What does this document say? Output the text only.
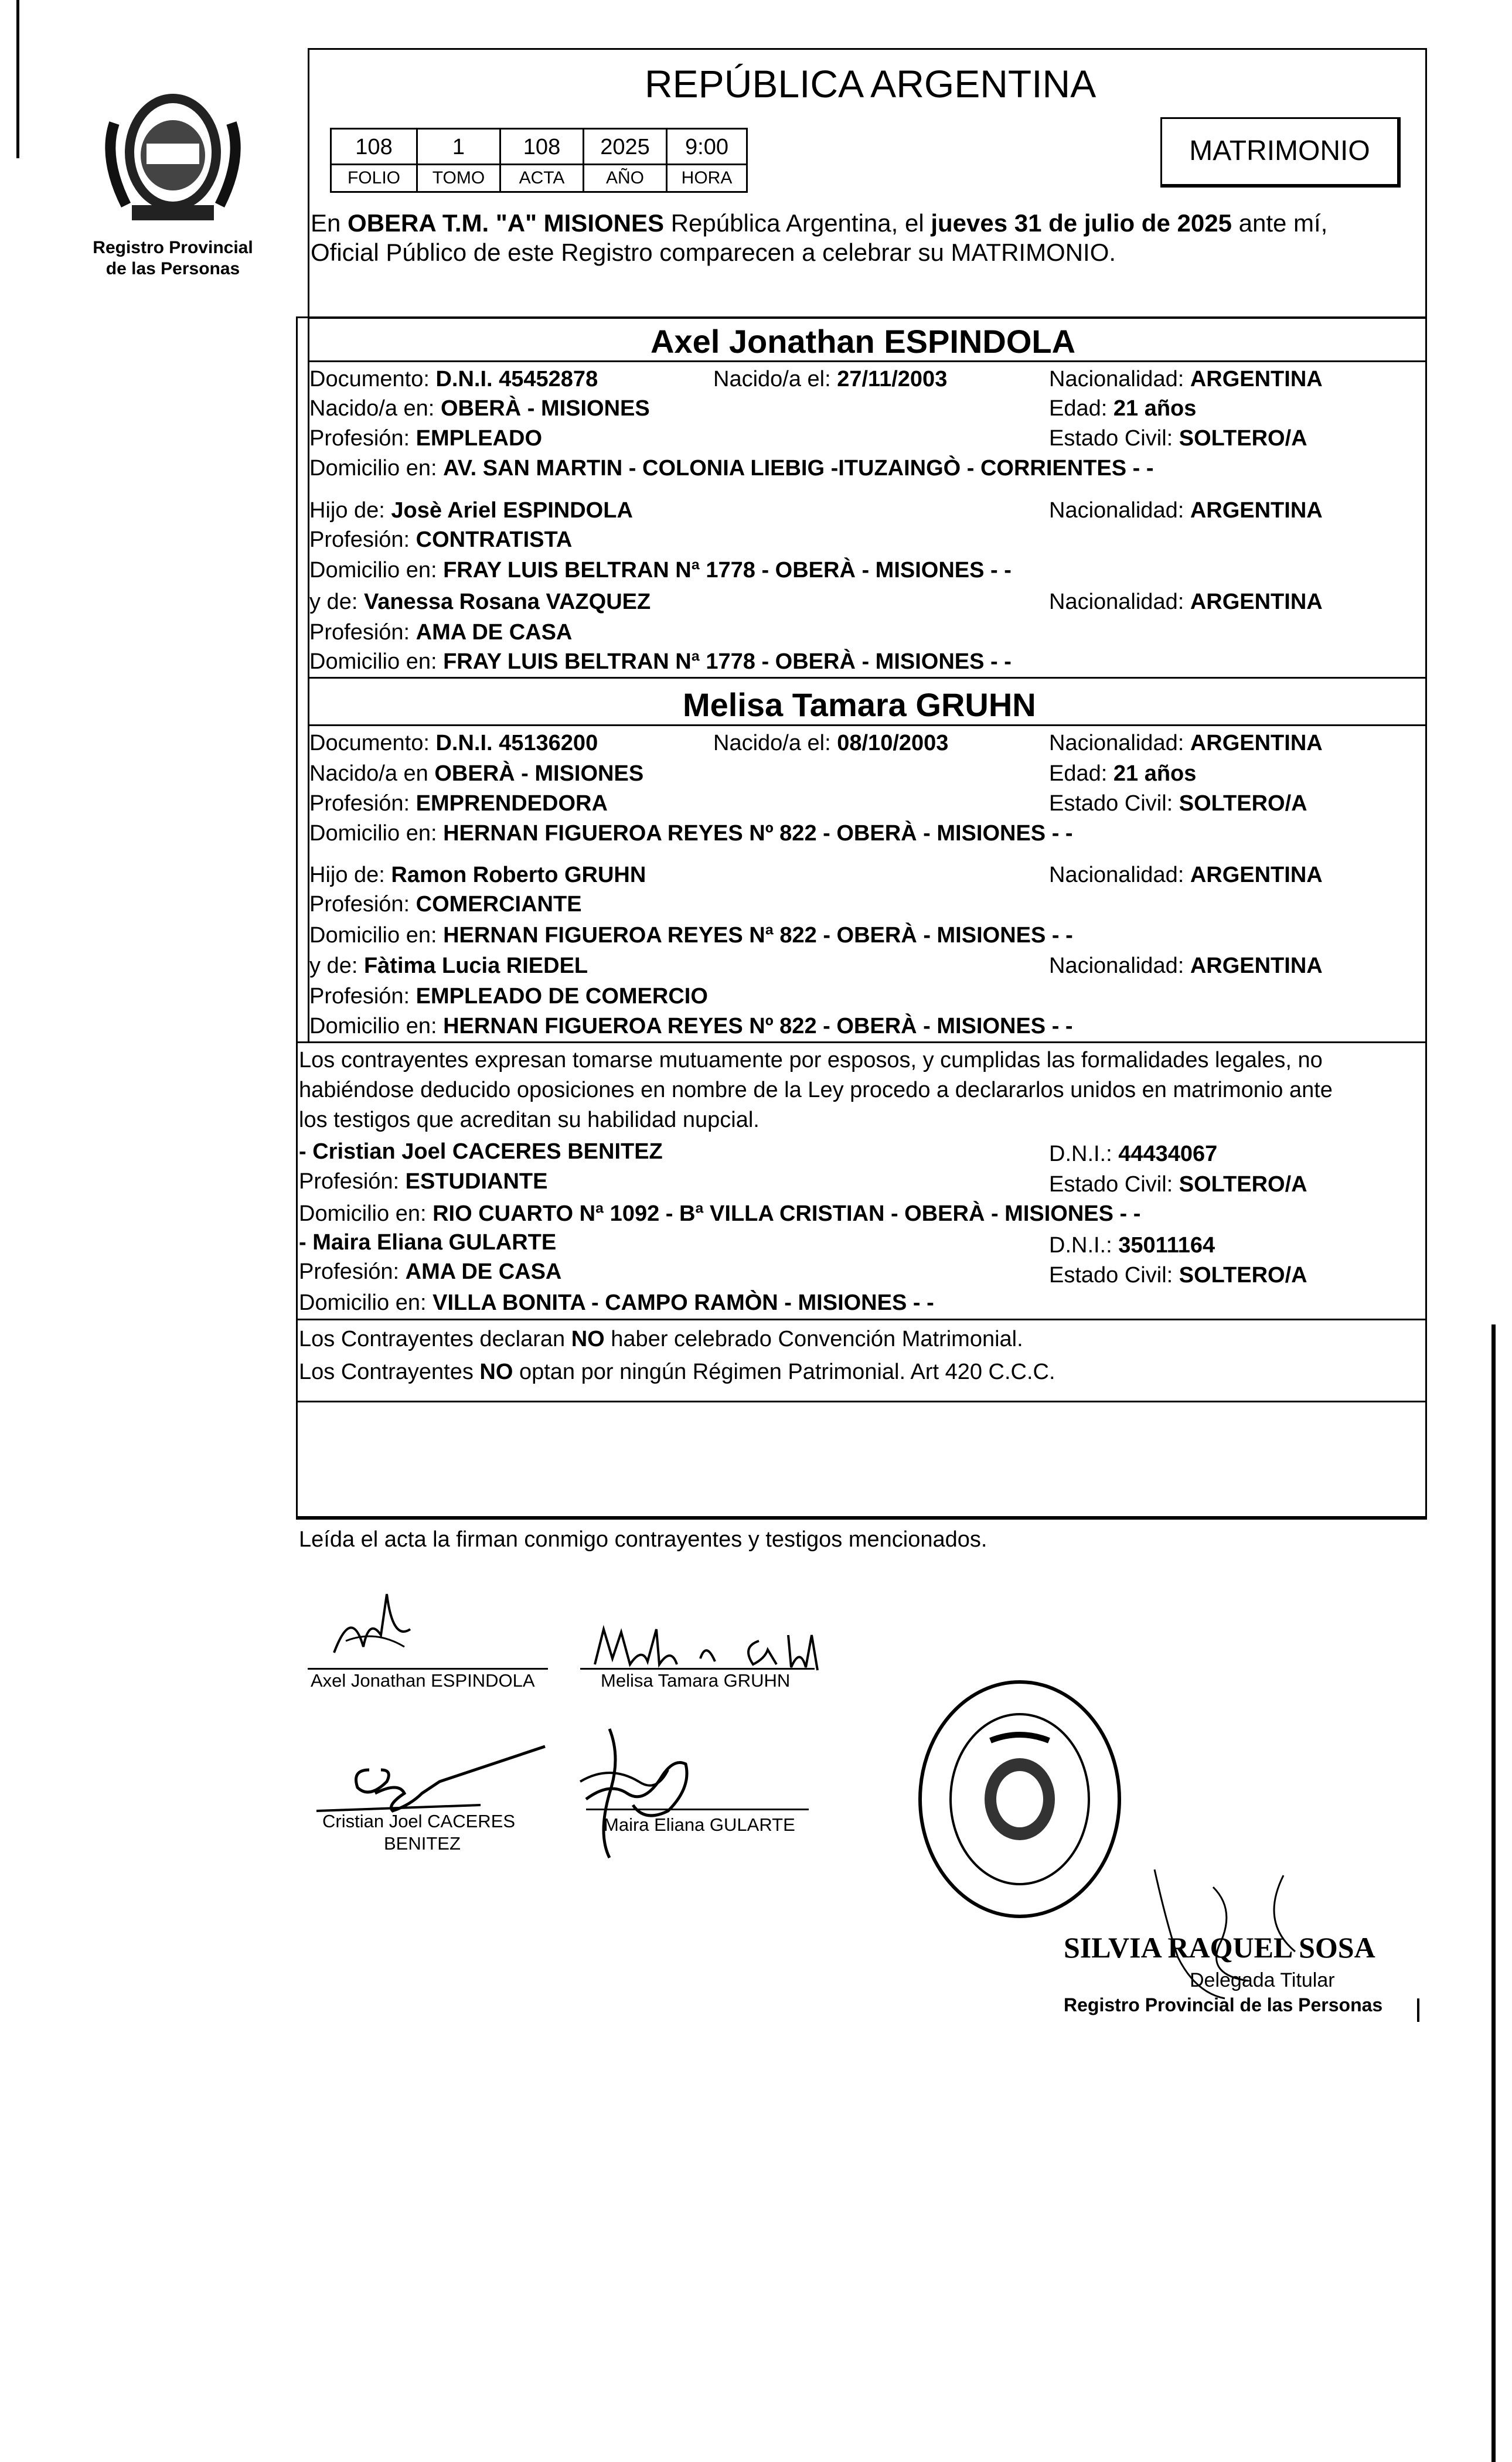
Registro Provincial
de las Personas
REPÚBLICA ARGENTINA
108	1	108	2025	9:00
FOLIO	TOMO	ACTA	AÑO	HORA
MATRIMONIO
En OBERA T.M. "A" MISIONES República Argentina, el jueves 31 de julio de 2025 ante mí,
Oficial Público de este Registro comparecen a celebrar su MATRIMONIO.
Axel Jonathan ESPINDOLA
Documento: D.N.I. 45452878	Nacido/a el: 27/11/2003	Nacionalidad: ARGENTINA
Nacido/a en: OBERÀ - MISIONES	Edad: 21 años
Profesión: EMPLEADO	Estado Civil: SOLTERO/A
Domicilio en: AV. SAN MARTIN - COLONIA LIEBIG -ITUZAINGÒ - CORRIENTES - -
Hijo de: Josè Ariel ESPINDOLA	Nacionalidad: ARGENTINA
Profesión: CONTRATISTA
Domicilio en: FRAY LUIS BELTRAN Nª 1778 - OBERÀ - MISIONES - -
y de: Vanessa Rosana VAZQUEZ	Nacionalidad: ARGENTINA
Profesión: AMA DE CASA
Domicilio en: FRAY LUIS BELTRAN Nª 1778 - OBERÀ - MISIONES - -
Melisa Tamara GRUHN
Documento: D.N.I. 45136200	Nacido/a el: 08/10/2003	Nacionalidad: ARGENTINA
Nacido/a en OBERÀ - MISIONES	Edad: 21 años
Profesión: EMPRENDEDORA	Estado Civil: SOLTERO/A
Domicilio en: HERNAN FIGUEROA REYES Nº 822 - OBERÀ - MISIONES - -
Hijo de: Ramon Roberto GRUHN	Nacionalidad: ARGENTINA
Profesión: COMERCIANTE
Domicilio en: HERNAN FIGUEROA REYES Nª 822 - OBERÀ - MISIONES - -
y de: Fàtima Lucia RIEDEL	Nacionalidad: ARGENTINA
Profesión: EMPLEADO DE COMERCIO
Domicilio en: HERNAN FIGUEROA REYES Nº 822 - OBERÀ - MISIONES - -
Los contrayentes expresan tomarse mutuamente por esposos, y cumplidas las formalidades legales, no
habiéndose deducido oposiciones en nombre de la Ley procedo a declararlos unidos en matrimonio ante
los testigos que acreditan su habilidad nupcial.
- Cristian Joel CACERES BENITEZ	D.N.I.: 44434067
Profesión: ESTUDIANTE	Estado Civil: SOLTERO/A
Domicilio en: RIO CUARTO Nª 1092 - Bª VILLA CRISTIAN - OBERÀ - MISIONES - -
- Maira Eliana GULARTE	D.N.I.: 35011164
Profesión: AMA DE CASA	Estado Civil: SOLTERO/A
Domicilio en: VILLA BONITA - CAMPO RAMÒN - MISIONES - -
Los Contrayentes declaran NO haber celebrado Convención Matrimonial.
Los Contrayentes NO optan por ningún Régimen Patrimonial. Art 420 C.C.C.
Leída el acta la firman conmigo contrayentes y testigos mencionados.
Axel Jonathan ESPINDOLA	Melisa Tamara GRUHN
Cristian Joel CACERES
BENITEZ
Maira Eliana GULARTE
SILVIA RAQUEL SOSA
Delegada Titular
Registro Provincial de las Personas
